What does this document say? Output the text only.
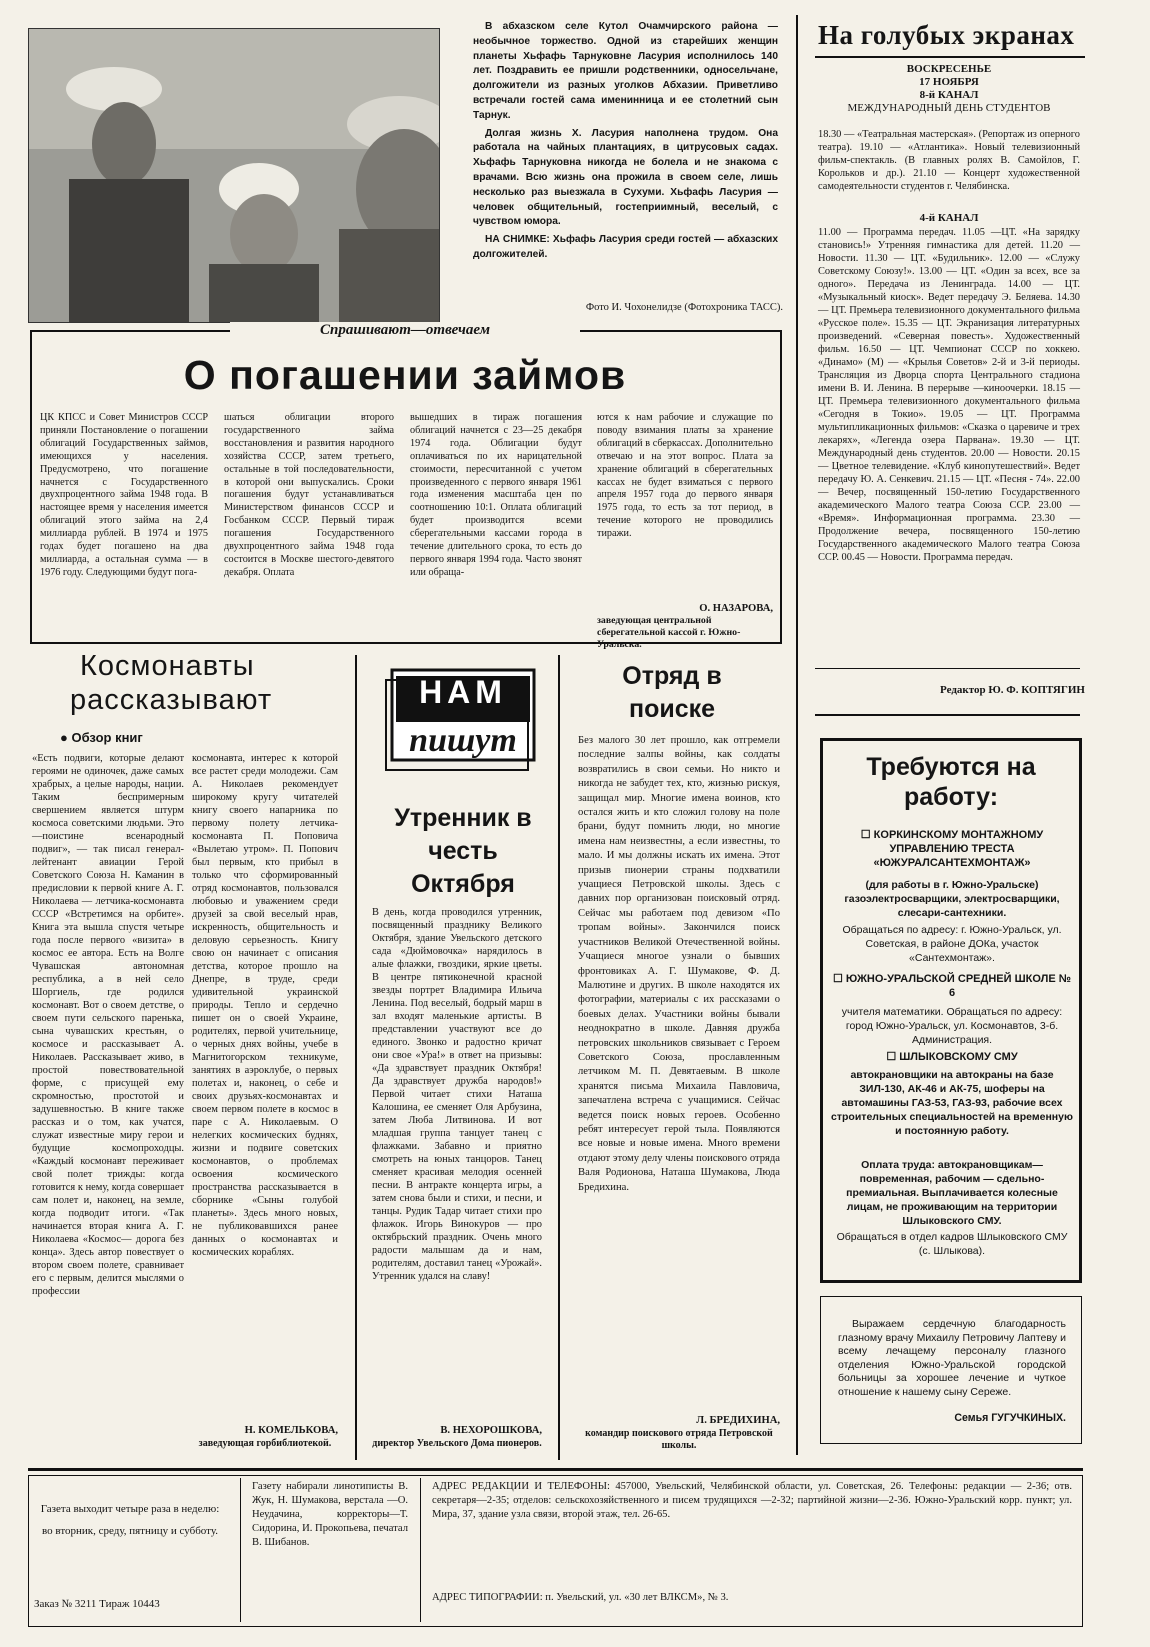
В абхазском селе Кутол Очамчирского района — необычное торжество. Одной из старейших женщин планеты Хьфафь Тарнуковне Ласурия исполнилось 140 лет. Поздравить ее пришли родственники, односельчане, долгожители из разных уголков Абхазии. Приветливо встречали гостей сама именинница и ее столетний сын Тарнук.

Долгая жизнь Х. Ласурия наполнена трудом. Она работала на чайных плантациях, в цитрусовых садах. Хьфафь Тарнуковна никогда не болела и не знакома с врачами. Всю жизнь она прожила в своем селе, лишь несколько раз выезжала в Сухуми. Хьфафь Ласурия — человек общительный, гостеприимный, веселый, с чувством юмора.

НА СНИМКЕ: Хьфафь Ласурия среди гостей — абхазских долгожителей.

Фото И. Чохонелидзе (Фотохроника ТАСС).
Спрашивают—отвечаем
О погашении займов
ЦК КПСС и Совет Министров СССР приняли Постановление о погашении облигаций Государственных займов, имеющихся у населения. Предусмотрено, что погашение начнется с Государственного двухпроцентного займа 1948 года. В настоящее время у населения имеется облигаций этого займа на 2,4 миллиарда рублей. В 1974 и 1975 годах будет погашено на два миллиарда, а остальная сумма — в 1976 году. Следующими будут пога-
шаться облигации второго государственного займа восстановления и развития народного хозяйства СССР, затем третьего, остальные в той последовательности, в которой они выпускались. Сроки погашения будут устанавливаться Министерством финансов СССР и Госбанком СССР. Первый тираж погашения Государственного двухпроцентного займа 1948 года состоится в Москве шестого-девятого декабря. Оплата
вышедших в тираж погашения облигаций начнется с 23—25 декабря 1974 года. Облигации будут оплачиваться по их нарицательной стоимости, пересчитанной с учетом произведенного с первого января 1961 года изменения масштаба цен по соотношению 10:1. Оплата облигаций будет производится всеми сберегательными кассами города в течение длительного срока, то есть до первого января 1994 года. Часто звонят или обраща-
ются к нам рабочие и служащие по поводу взимания платы за хранение облигаций в сберкассах. Дополнительно отвечаю и на этот вопрос. Плата за хранение облигаций в сберегательных кассах не будет взиматься с первого апреля 1957 года до первого января 1975 года, то есть за тот период, в течение которого не проводились тиражи.
О. НАЗАРОВА,
заведующая центральной сберегательной кассой г. Южно-Уральска.
На голубых экранах
ВОСКРЕСЕНЬЕ
17 НОЯБРЯ
8-й КАНАЛ
МЕЖДУНАРОДНЫЙ ДЕНЬ СТУДЕНТОВ
18.30 — «Театральная мастерская». (Репортаж из оперного театра). 19.10 — «Атлантика». Новый телевизионный фильм-спектакль. (В главных ролях В. Самойлов, Г. Корольков и др.). 21.10 — Концерт художественной самодеятельности студентов г. Челябинска.
4-й КАНАЛ
11.00 — Программа передач. 11.05 —ЦТ. «На зарядку становись!» Утренняя гимнастика для детей. 11.20 — Новости. 11.30 — ЦТ. «Будильник». 12.00 — «Служу Советскому Союзу!». 13.00 — ЦТ. «Один за всех, все за одного». Передача из Ленинграда. 14.00 — ЦТ. «Музыкальный киоск». Ведет передачу Э. Беляева. 14.30 — ЦТ. Премьера телевизионного документального фильма «Русское поле». 15.35 — ЦТ. Экранизация литературных произведений. «Северная повесть». Художественный фильм. 16.50 — ЦТ. Чемпионат СССР по хоккею. «Динамо» (М) — «Крылья Советов» 2-й и 3-й периоды. Трансляция из Дворца спорта Центрального стадиона имени В. И. Ленина. В перерыве —киноочерки. 18.15 — ЦТ. Премьера телевизионного документального фильма «Сегодня в Токио». 19.05 — ЦТ. Программа мультипликационных фильмов: «Сказка о царевиче и трех лекарях», «Легенда озера Парвана». 19.30 — ЦТ. Международный день студентов. 20.00 — Новости. 20.15 — Цветное телевидение. «Клуб кинопутешествий». Ведет передачу Ю. А. Сенкевич. 21.15 — ЦТ. «Песня - 74». 22.00 — Вечер, посвященный 150-летию Государственного академического Малого театра Союза ССР. 23.00 — «Время». Информационная программа. 23.30 — Продолжение вечера, посвященного 150-летию Государственного академического Малого театра Союза ССР. 00.45 — Новости. Программа передач.
Редактор Ю. Ф. КОПТЯГИН
Требуются на работу:
☐ КОРКИНСКОМУ МОНТАЖНОМУ УПРАВЛЕНИЮ ТРЕСТА «ЮЖУРАЛСАНТЕХМОНТАЖ»
(для работы в г. Южно-Уральске) газоэлектросварщики, электросварщики, слесари-сантехники.
Обращаться по адресу: г. Южно-Уральск, ул. Советская, в районе ДОКа, участок «Сантехмонтаж».
☐ ЮЖНО-УРАЛЬСКОЙ СРЕДНЕЙ ШКОЛЕ № 6
учителя математики. Обращаться по адресу: город Южно-Уральск, ул. Космонавтов, 3-б. Администрация.
☐ ШЛЫКОВСКОМУ СМУ
автокрановщики на автокраны на базе ЗИЛ-130, АК-46 и АК-75, шоферы на автомашины ГАЗ-53, ГАЗ-93, рабочие всех строительных специальностей на временную и постоянную работу.
Оплата труда: автокрановщикам—повременная, рабочим — сдельно-премиальная. Выплачивается колесные лицам, не проживающим на территории Шлыковского СМУ.
Обращаться в отдел кадров Шлыковского СМУ (с. Шлыкова).
Выражаем сердечную благодарность глазному врачу Михаилу Петровичу Лаптеву и всему лечащему персоналу глазного отделения Южно-Уральской городской больницы за хорошее лечение и чуткое отношение к нашему сыну Сереже.
Семья ГУГУЧКИНЫХ.
Космонавты
рассказывают
● Обзор книг
«Есть подвиги, которые делают героями не одиночек, даже самых храбрых, а целые народы, нации. Таким беспримерным свершением является штурм космоса советскими людьми. Это —поистине всенародный подвиг», — так писал генерал-лейтенант авиации Герой Советского Союза Н. Каманин в предисловии к первой книге А. Г. Николаева — летчика-космонавта СССР «Встретимся на орбите». Книга эта вышла спустя четыре года после первого «визита» в космос ее автора. Есть на Волге Чувашская автономная республика, а в ней село Шоргиель, где родился космонавт. Вот о своем детстве, о своем пути сельского паренька, сына чувашских крестьян, о космосе и рассказывает А. Николаев. Рассказывает живо, в простой повествовательной форме, с присущей ему скромностью, простотой и задушевностью. В книге также рассказ и о том, как учатся, служат известные миру герои и будущие космопроходцы. «Каждый космонавт переживает свой полет трижды: когда готовится к нему, когда совершает сам полет и, наконец, на земле, когда подводит итоги. «Так начинается вторая книга А. Г. Николаева «Космос— дорога без конца». Здесь автор повествует о втором своем полете, сравнивает его с первым, делится мыслями о профессии
космонавта, интерес к которой все растет среди молодежи. Сам А. Николаев рекомендует широкому кругу читателей книгу своего напарника по первому полету летчика-космонавта П. Поповича «Вылетаю утром». П. Попович был первым, кто прибыл в только что сформированный отряд космонавтов, пользовался любовью и уважением среди друзей за свой веселый нрав, искренность, общительность и деловую серьезность. Книгу свою он начинает с описания детства, которое прошло на Днепре, в труде, среди удивительной украинской природы. Тепло и сердечно пишет он о своей Украине, родителях, первой учительнице, о черных днях войны, учебе в Магнитогорском техникуме, занятиях в аэроклубе, о первых полетах и, наконец, о себе и своих друзьях-космонавтах и своем первом полете в космос в паре с А. Николаевым. О нелегких космических буднях, жизни и подвиге советских космонавтов, о проблемах освоения космического пространства рассказывается в сборнике «Сыны голубой планеты». Здесь много новых, не публиковавшихся ранее данных о космонавтах и космических кораблях.
Н. КОМЕЛЬКОВА,
заведующая горбиблиотекой.
НАМ
пишут
Утренник в честь Октября
В день, когда проводился утренник, посвященный празднику Великого Октября, здание Увельского детского сада «Дюймовочка» нарядилось в алые флажки, гвоздики, яркие цветы. В центре пятиконечной красной звезды портрет Владимира Ильича Ленина. Под веселый, бодрый марш в зал входят маленькие артисты. В представлении участвуют все до единого. Звонко и радостно кричат они свое «Ура!» в ответ на призывы: «Да здравствует праздник Октября! Да здравствует дружба народов!» Первой читает стихи Наташа Калошина, ее сменяет Оля Арбузина, затем Люба Литвинова. И вот младшая группа танцует танец с флажками. Забавно и приятно смотреть на юных танцоров. Танец сменяет красивая мелодия осенней песни. В антракте концерта игры, а затем снова были и стихи, и песни, и танцы. Рудик Тадар читает стихи про флажок. Игорь Винокуров — про октябрьский праздник. Очень много радости малышам да и нам, родителям, доставил танец «Урожай». Утренник удался на славу!
В. НЕХОРОШКОВА,
директор Увельского Дома пионеров.
Отряд в поиске
Без малого 30 лет прошло, как отгремели последние залпы войны, как солдаты возвратились в свои семьи. Но никто и никогда не забудет тех, кто, жизнью рискуя, защищал мир. Многие имена воинов, кто остался жить и кто сложил голову на поле брани, будут помнить люди, но многие имена нам неизвестны, а если известны, то мало. И мы должны искать их имена. Этот призыв пионерии страны подхватили учащиеся Петровской школы. Здесь с давних пор организован поисковый отряд. Сейчас мы работаем под девизом «По тропам войны». Закончился поиск участников Великой Отечественной войны. Учащиеся многое узнали о бывших фронтовиках А. Г. Шумакове, Ф. Д. Малютине и других. В школе находятся их фотографии, материалы с их рассказами о боевых делах. Участники войны бывали неоднократно в школе. Давняя дружба петровских школьников связывает с Героем Советского Союза, прославленным летчиком М. П. Девятаевым. В школе хранятся письма Михаила Павловича, запечатлена встреча с учащимися. Сейчас ведется поиск новых героев. Особенно ребят интересует герой тыла. Появляются все новые и новые имена. Много времени отдают этому делу члены поискового отряда Валя Родионова, Наташа Шумакова, Люда Бредихина.
Л. БРЕДИХИНА,
командир поискового отряда Петровской школы.
Газета выходит четыре раза в неделю: во вторник, среду, пятницу и субботу.
Заказ № 3211 Тираж 10443
Газету набирали линотиписты В. Жук, Н. Шумакова, верстала —О. Неудачина, корректоры—Т. Сидорина, И. Прокопьева, печатал В. Шибанов.
АДРЕС РЕДАКЦИИ И ТЕЛЕФОНЫ: 457000, Увельский, Челябинской области, ул. Советская, 26. Телефоны: редакции — 2-36; отв. секретаря—2-35; отделов: сельскохозяйственного и писем трудящихся —2-32; партийной жизни—2-36. Южно-Уральский корр. пункт; ул. Мира, 37, здание узла связи, второй этаж, тел. 26-65.
АДРЕС ТИПОГРАФИИ: п. Увельский, ул. «30 лет ВЛКСМ», № 3.
